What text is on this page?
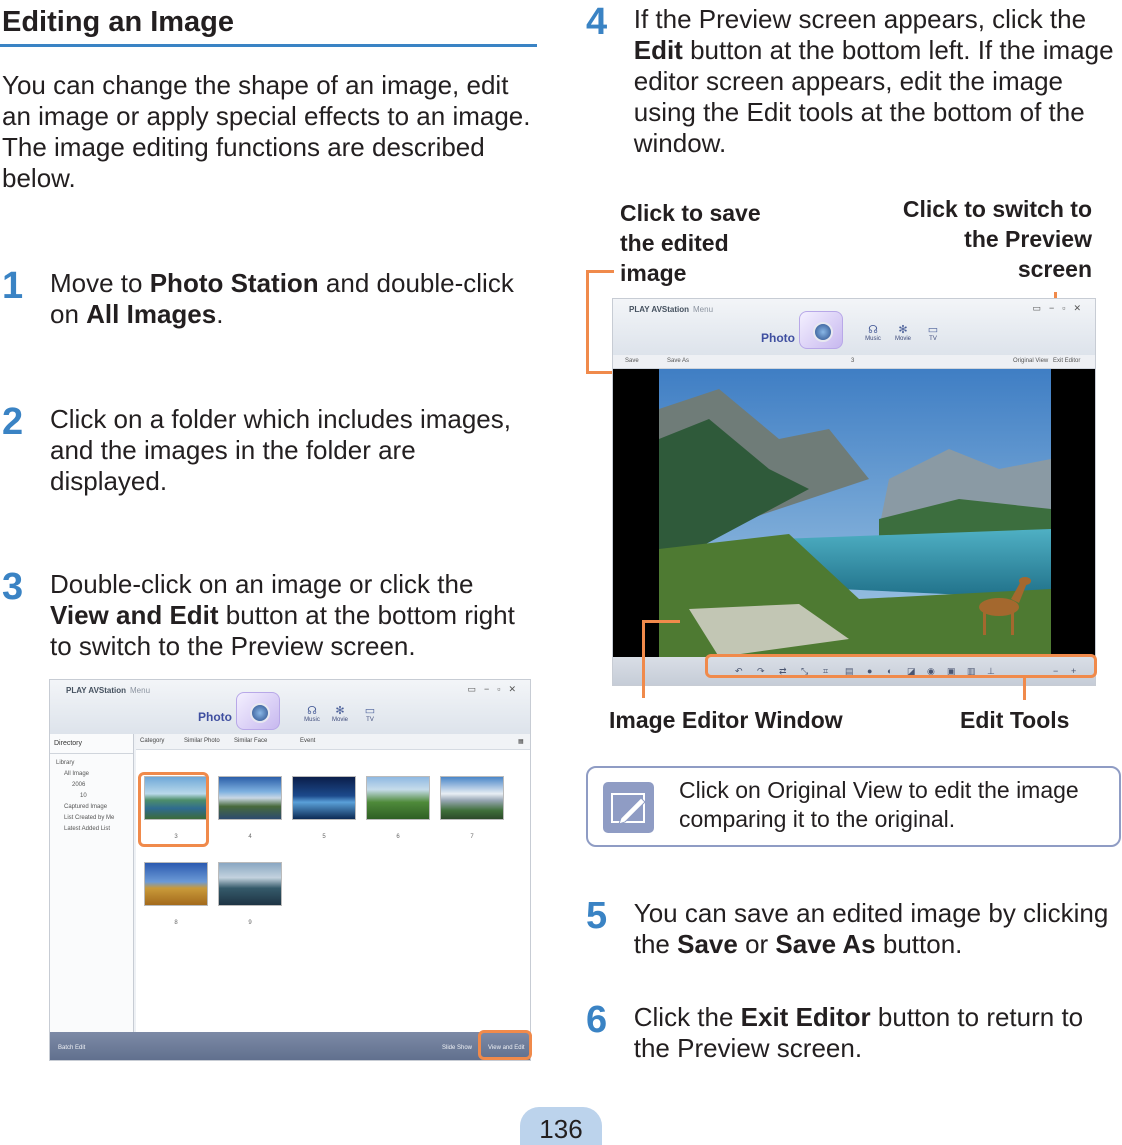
Editing an Image

You can change the shape of an image, edit an image or apply special effects to an image. The image editing functions are described below.

1	Move to Photo Station and double-click on All Images.
2	Click on a folder which includes images, and the images in the folder are displayed.
3	Double-click on an image or click the View and Edit button at the bottom right to switch to the Preview screen.
PLAY AVStation Menu	▭−▫✕
Photo	☊
Music
✻
Movie
▭
TV
Directory
Library
All Image
2006
10
Captured Image
List Created by Me
Latest Added List
Category	Similar Photo Similar Face	Event	▦
3	4	5	6	7
8	9
Batch Edit	Slide Show	View and Edit
4	If the Preview screen appears, click the Edit button at the bottom left. If the image editor screen appears, edit the image using the Edit tools at the bottom of the window.
Click to save the edited image
Click to switch to the Preview screen
PLAY AVStation Menu	▭−▫✕
Photo
☊
Music
✻
Movie
▭
TV
Save	Save As	3	Original View Exit Editor
↶ ↷ ⇄ ⤡ ⌗ ▤ ● ◐ ◪ ◉ ▣ ▥ ⊥	+
−
Image Editor Window	Edit Tools
Click on Original View to edit the image comparing it to the original.
5	You can save an edited image by clicking the Save or Save As button.
6	Click the Exit Editor button to return to the Preview screen.
136
